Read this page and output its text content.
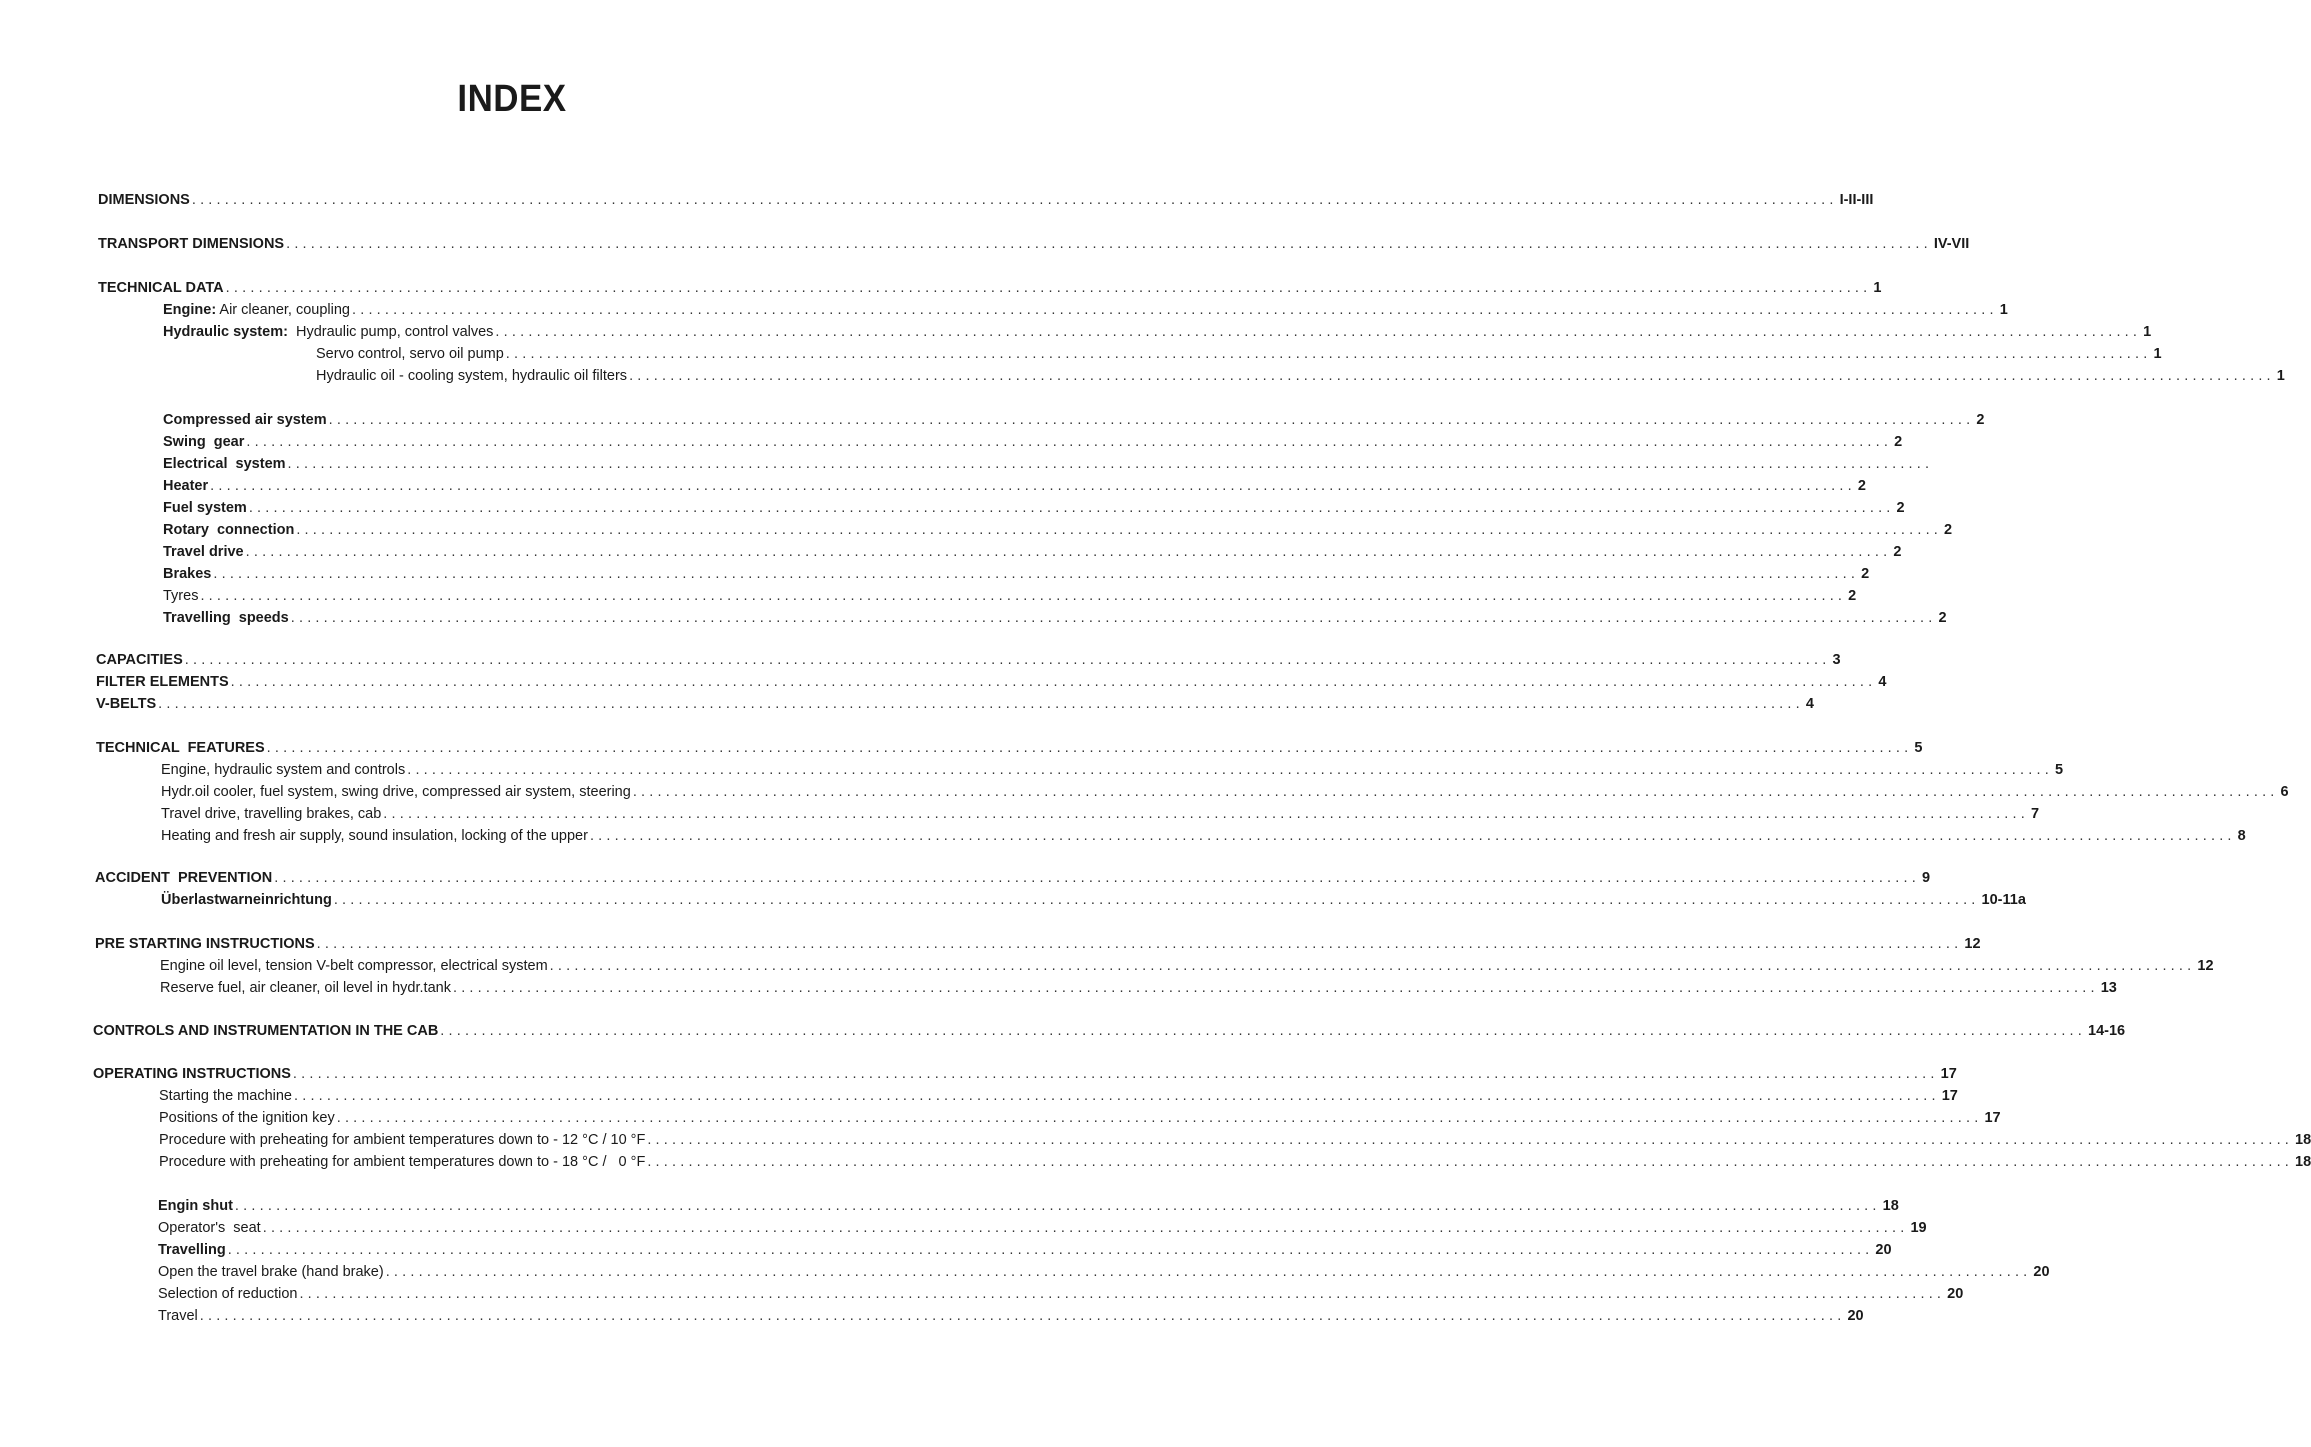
INDEX
DIMENSIONS ........................................................................................................................................................................................................ I-II-III
TRANSPORT DIMENSIONS ........................................................................................................................................................................................................ IV-VII
TECHNICAL DATA ........................................................................................................................................................................................................ 1
Engine: Air cleaner, coupling ........................................................................................................................................................................................................ 1
Hydraulic system:  Hydraulic pump, control valves ........................................................................................................................................................................................................ 1
Servo control, servo oil pump ........................................................................................................................................................................................................ 1
Hydraulic oil - cooling system, hydraulic oil filters ........................................................................................................................................................................................................ 1
Compressed air system ........................................................................................................................................................................................................ 2
Swing  gear ........................................................................................................................................................................................................ 2
Electrical  system ........................................................................................................................................................................................................
Heater ........................................................................................................................................................................................................ 2
Fuel system ........................................................................................................................................................................................................ 2
Rotary  connection ........................................................................................................................................................................................................ 2
Travel drive ........................................................................................................................................................................................................ 2
Brakes ........................................................................................................................................................................................................ 2
Tyres ........................................................................................................................................................................................................ 2
Travelling  speeds ........................................................................................................................................................................................................ 2
CAPACITIES ........................................................................................................................................................................................................ 3
FILTER ELEMENTS ........................................................................................................................................................................................................ 4
V-BELTS ........................................................................................................................................................................................................ 4
TECHNICAL  FEATURES ........................................................................................................................................................................................................ 5
Engine, hydraulic system and controls ........................................................................................................................................................................................................ 5
Hydr.oil cooler, fuel system, swing drive, compressed air system, steering ........................................................................................................................................................................................................ 6
Travel drive, travelling brakes, cab ........................................................................................................................................................................................................ 7
Heating and fresh air supply, sound insulation, locking of the upper ........................................................................................................................................................................................................ 8
ACCIDENT  PREVENTION ........................................................................................................................................................................................................ 9
Überlastwarneinrichtung ........................................................................................................................................................................................................ 10-11a
PRE STARTING INSTRUCTIONS ........................................................................................................................................................................................................ 12
Engine oil level, tension V-belt compressor, electrical system ........................................................................................................................................................................................................ 12
Reserve fuel, air cleaner, oil level in hydr.tank ........................................................................................................................................................................................................ 13
CONTROLS AND INSTRUMENTATION IN THE CAB ........................................................................................................................................................................................................ 14-16
OPERATING INSTRUCTIONS ........................................................................................................................................................................................................ 17
Starting the machine ........................................................................................................................................................................................................ 17
Positions of the ignition key ........................................................................................................................................................................................................ 17
Procedure with preheating for ambient temperatures down to - 12 °C / 10 °F ........................................................................................................................................................................................................ 18
Procedure with preheating for ambient temperatures down to - 18 °C /   0 °F ........................................................................................................................................................................................................ 18
Engin shut ........................................................................................................................................................................................................ 18
Operator's  seat ........................................................................................................................................................................................................ 19
Travelling ........................................................................................................................................................................................................ 20
Open the travel brake (hand brake) ........................................................................................................................................................................................................ 20
Selection of reduction ........................................................................................................................................................................................................ 20
Travel ........................................................................................................................................................................................................ 20
